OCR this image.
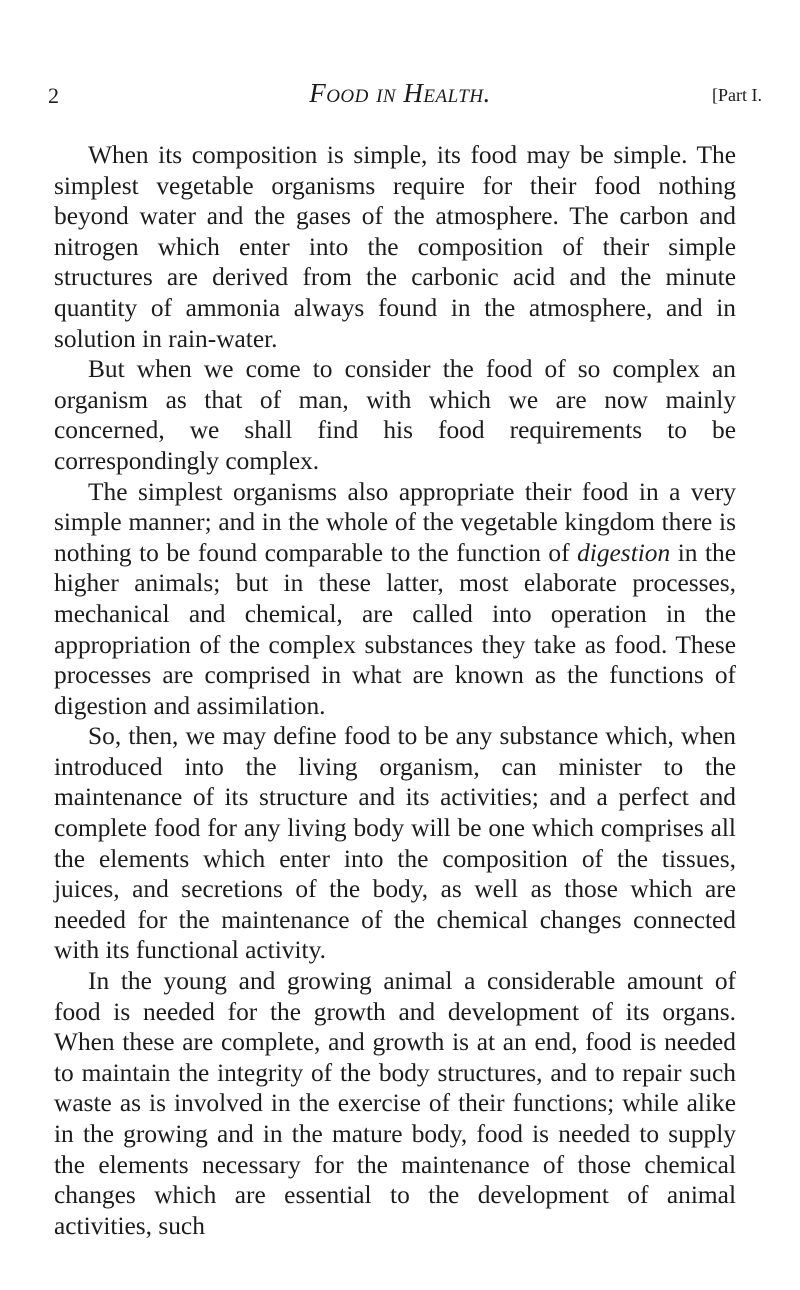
2	Food in Health.	[Part I.

When its composition is simple, its food may be simple. The simplest vegetable organisms require for their food nothing beyond water and the gases of the atmosphere. The carbon and nitrogen which enter into the composition of their simple structures are derived from the carbonic acid and the minute quantity of ammonia always found in the atmosphere, and in solution in rain-water.

But when we come to consider the food of so complex an organism as that of man, with which we are now mainly concerned, we shall find his food requirements to be correspondingly complex.

The simplest organisms also appropriate their food in a very simple manner; and in the whole of the vegetable kingdom there is nothing to be found comparable to the function of digestion in the higher animals; but in these latter, most elaborate processes, mechanical and chemical, are called into operation in the appropriation of the complex substances they take as food. These processes are comprised in what are known as the functions of digestion and assimilation.

So, then, we may define food to be any substance which, when introduced into the living organism, can minister to the maintenance of its structure and its activities; and a perfect and complete food for any living body will be one which comprises all the elements which enter into the composition of the tissues, juices, and secretions of the body, as well as those which are needed for the maintenance of the chemical changes connected with its functional activity.

In the young and growing animal a considerable amount of food is needed for the growth and development of its organs. When these are complete, and growth is at an end, food is needed to maintain the integrity of the body structures, and to repair such waste as is involved in the exercise of their functions; while alike in the growing and in the mature body, food is needed to supply the elements necessary for the maintenance of those chemical changes which are essential to the development of animal activities, such
